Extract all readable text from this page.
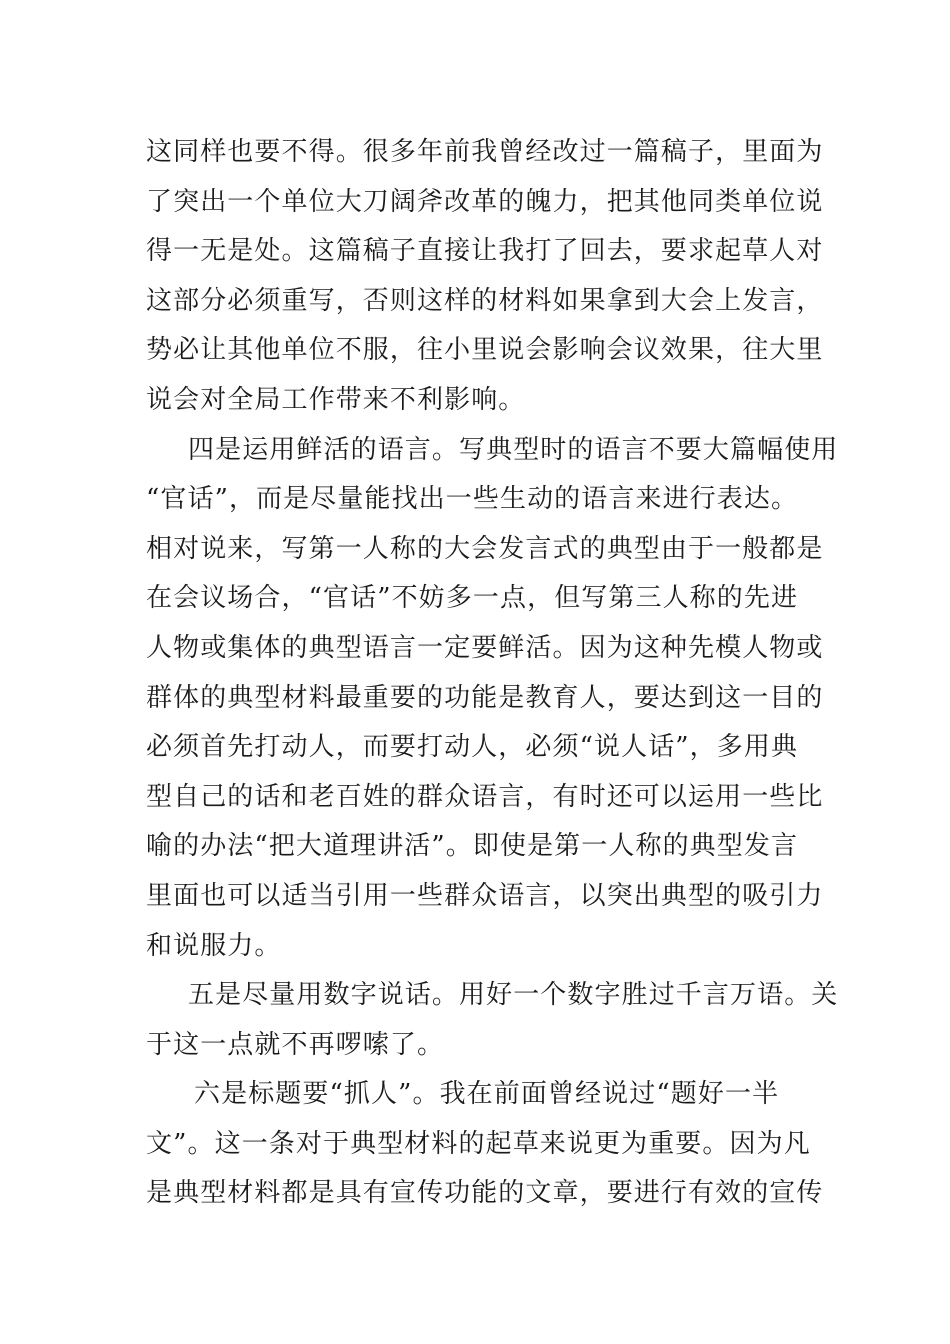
这同样也要不得。很多年前我曾经改过一篇稿子，里面为
了突出一个单位大刀阔斧改革的魄力，把其他同类单位说
得一无是处。这篇稿子直接让我打了回去，要求起草人对
这部分必须重写，否则这样的材料如果拿到大会上发言，
势必让其他单位不服，往小里说会影响会议效果，往大里
说会对全局工作带来不利影响。
四是运用鲜活的语言。写典型时的语言不要大篇幅使用
“官话”，而是尽量能找出一些生动的语言来进行表达。
相对说来，写第一人称的大会发言式的典型由于一般都是
在会议场合，“官话”不妨多一点，但写第三人称的先进
人物或集体的典型语言一定要鲜活。因为这种先模人物或
群体的典型材料最重要的功能是教育人，要达到这一目的
必须首先打动人，而要打动人，必须“说人话”，多用典
型自己的话和老百姓的群众语言，有时还可以运用一些比
喻的办法“把大道理讲活”。即使是第一人称的典型发言
里面也可以适当引用一些群众语言，以突出典型的吸引力
和说服力。
五是尽量用数字说话。用好一个数字胜过千言万语。关
于这一点就不再啰嗦了。
六是标题要“抓人”。我在前面曾经说过“题好一半
文”。这一条对于典型材料的起草来说更为重要。因为凡
是典型材料都是具有宣传功能的文章，要进行有效的宣传
